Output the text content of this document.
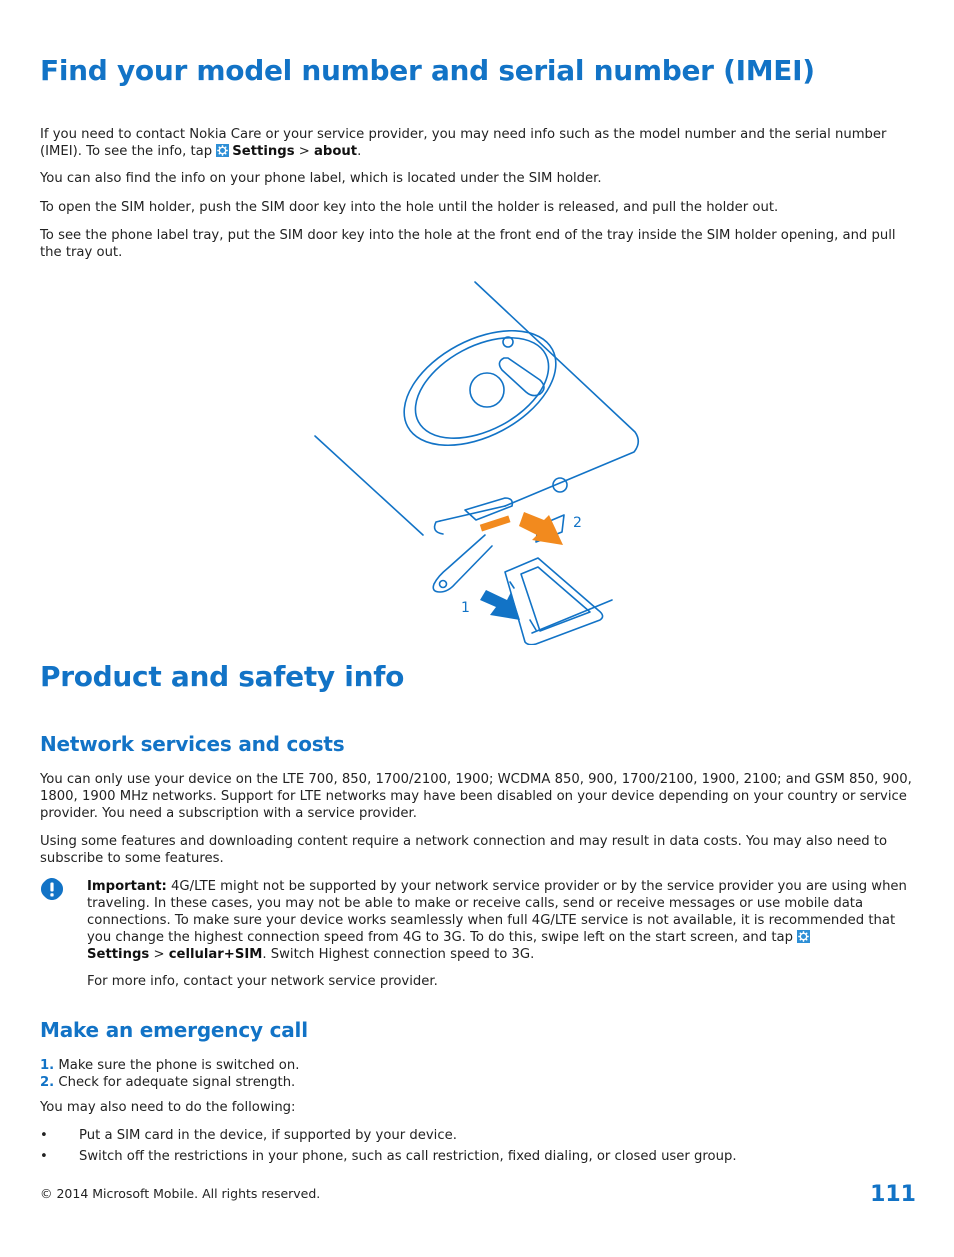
Find your model number and serial number (IMEI)

If you need to contact Nokia Care or your service provider, you may need info such as the model number and the serial number (IMEI). To see the info, tap
Settings > about.

You can also find the info on your phone label, which is located under the SIM holder.

To open the SIM holder, push the SIM door key into the hole until the holder is released, and pull the holder out.

To see the phone label tray, put the SIM door key into the hole at the front end of the tray inside the SIM holder opening, and pull the tray out.

2
1
Product and safety info
Network services and costs

You can only use your device on the LTE 700, 850, 1700/2100, 1900; WCDMA 850, 900, 1700/2100, 1900, 2100; and GSM 850, 900, 1800, 1900 MHz networks. Support for LTE networks may have been disabled on your device depending on your country or service provider. You need a subscription with a service provider.

Using some features and downloading content require a network connection and may result in data costs. You may also need to subscribe to some features.

Important: 4G/LTE might not be supported by your network service provider or by the service provider you are using when traveling. In these cases, you may not be able to make or receive calls, send or receive messages or use mobile data connections. To make sure your device works seamlessly when full 4G/LTE service is not available, it is recommended that you change the highest connection speed from 4G to 3G. To do this, swipe left on the start screen, and tap

Settings > cellular+SIM. Switch Highest connection speed to 3G.

For more info, contact your network service provider.

Make an emergency call

1. Make sure the phone is switched on.

2. Check for adequate signal strength.

You may also need to do the following:

• Put a SIM card in the device, if supported by your device.
• Switch off the restrictions in your phone, such as call restriction, fixed dialing, or closed user group.
© 2014 Microsoft Mobile. All rights reserved.	111
